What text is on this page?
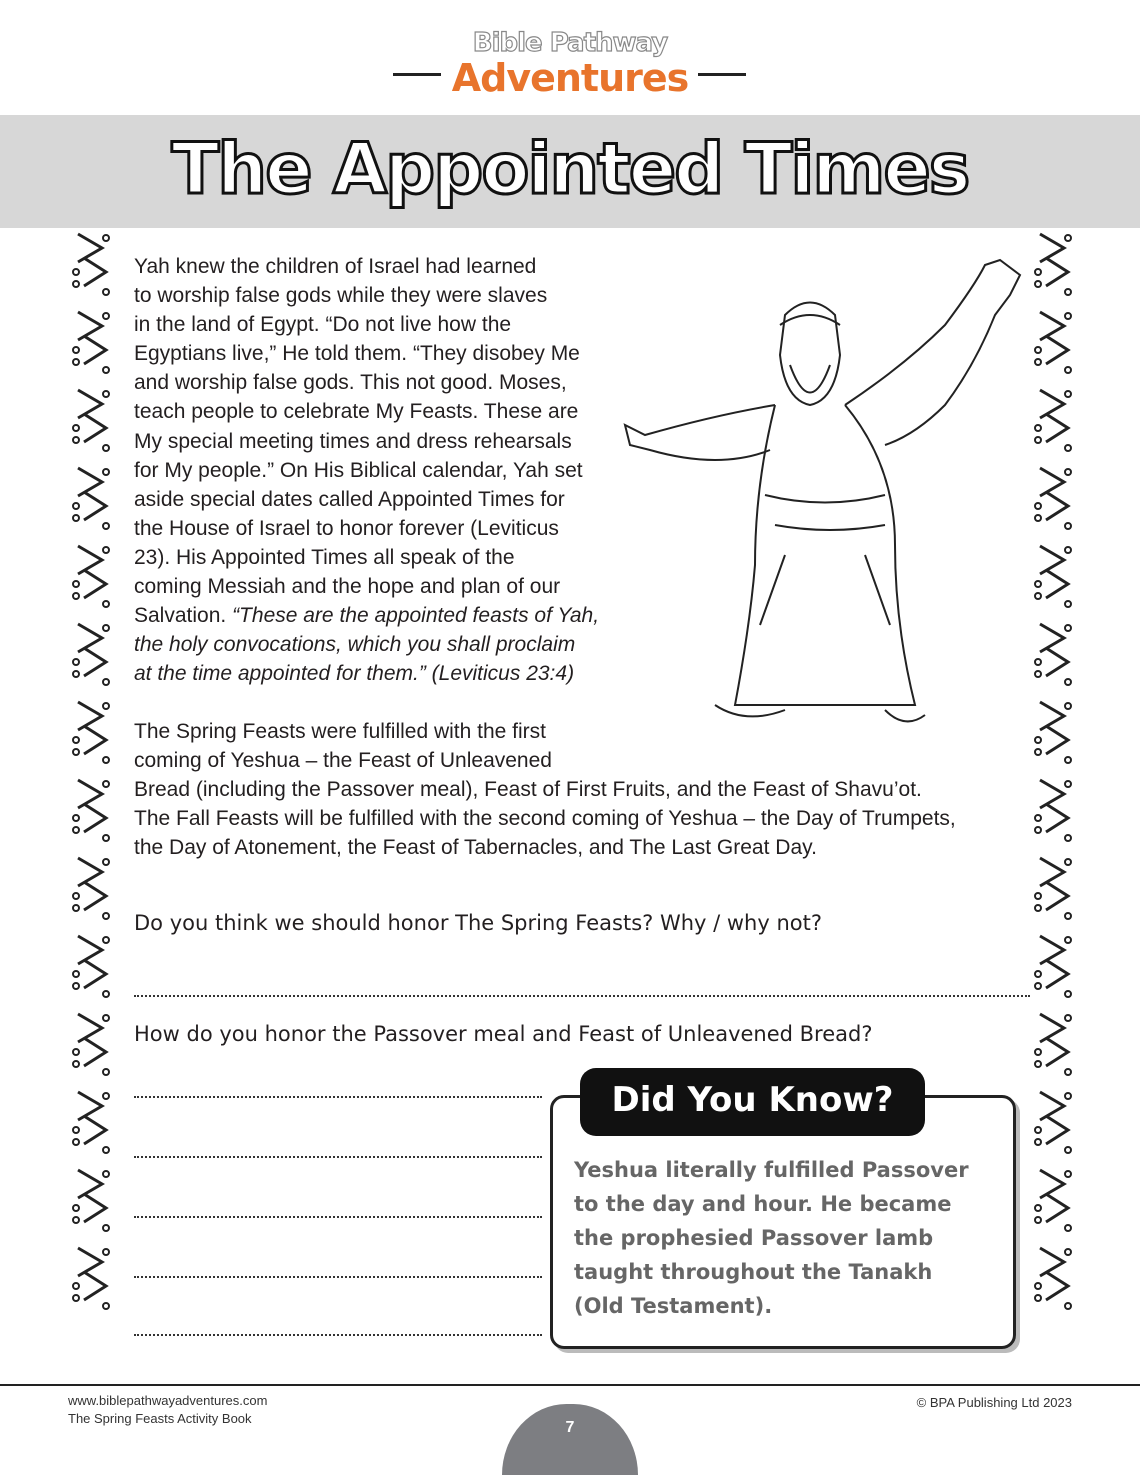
Bible Pathway
Adventures
The Appointed Times
Yah knew the children of Israel had learned
to worship false gods while they were slaves
in the land of Egypt. “Do not live how the
Egyptians live,” He told them. “They disobey Me
and worship false gods. This not good. Moses,
teach people to celebrate My Feasts. These are
My special meeting times and dress rehearsals
for My people.” On His Biblical calendar, Yah set
aside special dates called Appointed Times for
the House of Israel to honor forever (Leviticus
23). His Appointed Times all speak of the
coming Messiah and the hope and plan of our
Salvation. “These are the appointed feasts of Yah,
the holy convocations, which you shall proclaim
at the time appointed for them.” (Leviticus 23:4)
The Spring Feasts were fulfilled with the first
coming of Yeshua – the Feast of Unleavened
Bread (including the Passover meal), Feast of First Fruits, and the Feast of Shavu’ot.
The Fall Feasts will be fulfilled with the second coming of Yeshua – the Day of Trumpets,
the Day of Atonement, the Feast of Tabernacles, and The Last Great Day.
Do you think we should honor The Spring Feasts? Why / why not?
How do you honor the Passover meal and Feast of Unleavened Bread?
Did You Know?
Yeshua literally fulfilled Passover
to the day and hour. He became
the prophesied Passover lamb
taught throughout the Tanakh
(Old Testament).
www.biblepathwayadventures.com
The Spring Feasts Activity Book
© BPA Publishing Ltd 2023
7
